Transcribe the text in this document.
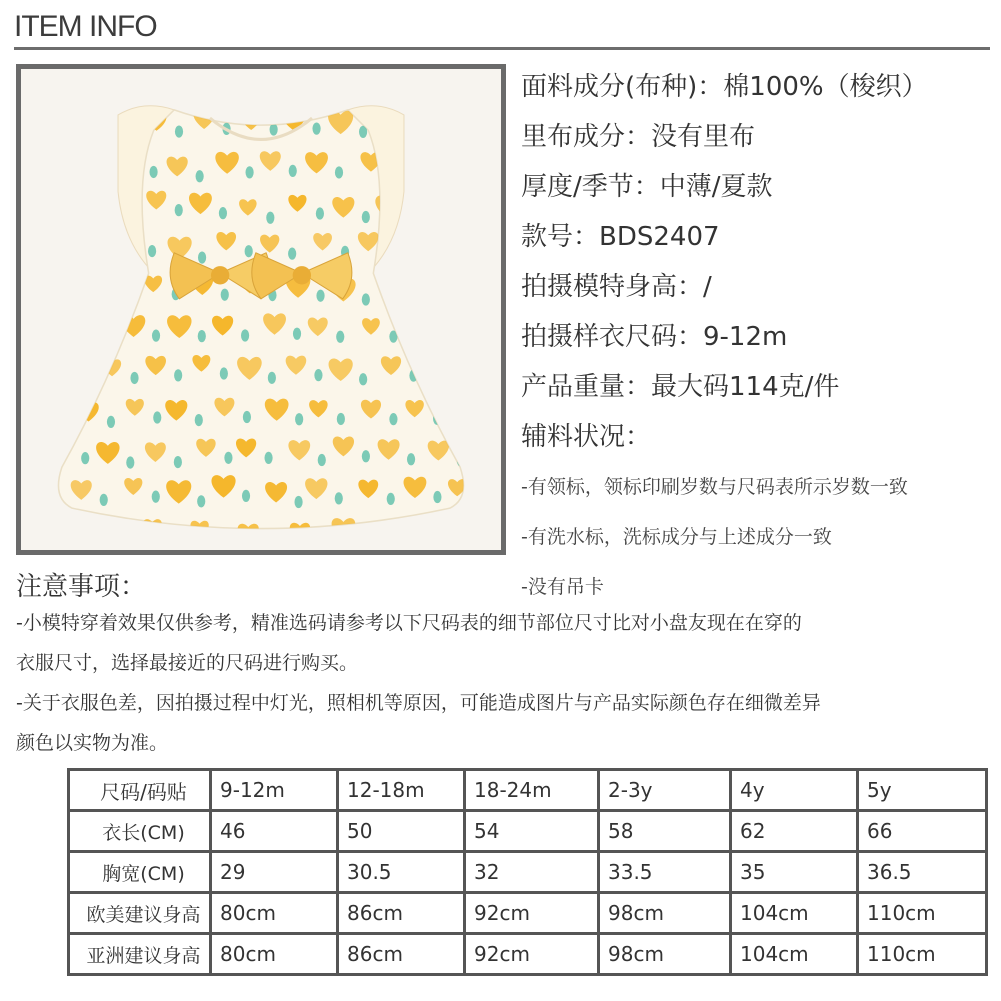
ITEM INFO
面料成分(布种)：棉100%（梭织）
里布成分：没有里布
厚度/季节：中薄/夏款
款号：BDS2407
拍摄模特身高：/
拍摄样衣尺码：9-12m
产品重量：最大码114克/件
辅料状况：
-有领标，领标印刷岁数与尺码表所示岁数一致
-有洗水标，洗标成分与上述成分一致
-没有吊卡
注意事项：

-小模特穿着效果仅供参考，精准选码请参考以下尺码表的细节部位尺寸比对小盘友现在在穿的

衣服尺寸，选择最接近的尺码进行购买。

-关于衣服色差，因拍摄过程中灯光，照相机等原因，可能造成图片与产品实际颜色存在细微差异

颜色以实物为准。

尺码/码贴	9-12m	12-18m	18-24m	2-3y	4y	5y
衣长(CM)	46	50	54	58	62	66
胸宽(CM)	29	30.5	32	33.5	35	36.5
欧美建议身高	80cm	86cm	92cm	98cm	104cm	110cm
亚洲建议身高	80cm	86cm	92cm	98cm	104cm	110cm
